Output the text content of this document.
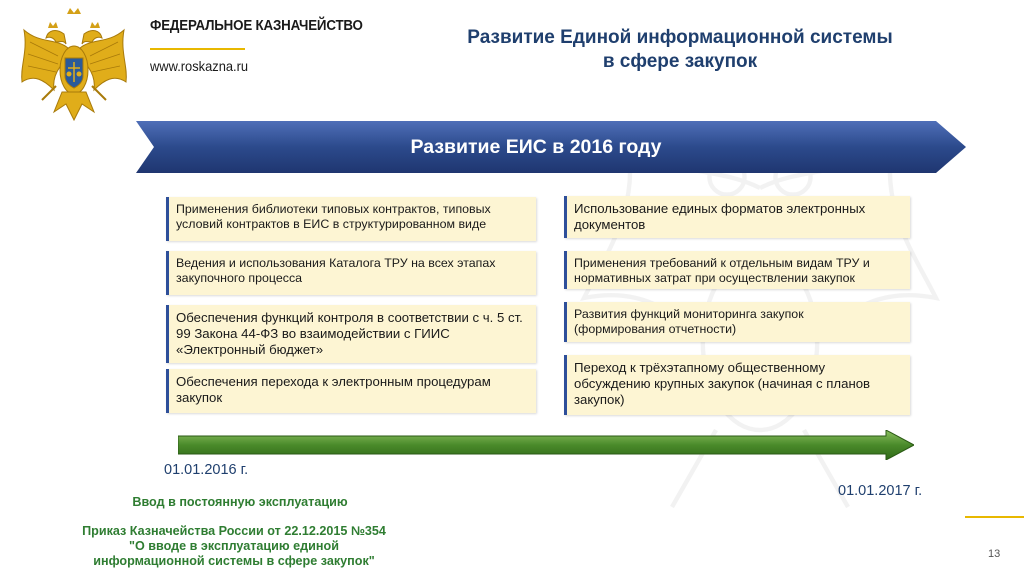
ФЕДЕРАЛЬНОЕ КАЗНАЧЕЙСТВО
www.roskazna.ru
Развитие Единой информационной системы
в сфере закупок
Развитие ЕИС в 2016 году
Применения библиотеки типовых контрактов, типовых
условий контрактов в ЕИС в структурированном виде
Ведения и использования Каталога ТРУ на всех этапах
закупочного процесса
Обеспечения функций контроля в соответствии с ч. 5 ст.
99 Закона 44-ФЗ во взаимодействии с ГИИС
«Электронный бюджет»
Обеспечения перехода к электронным процедурам
закупок
Использование единых форматов электронных
документов
Применения требований к отдельным видам ТРУ и
нормативных затрат при осуществлении закупок
Развития функций мониторинга закупок
(формирования отчетности)
Переход к трёхэтапному общественному
обсуждению крупных закупок (начиная с планов
закупок)
01.01.2016 г.
01.01.2017 г.
Ввод в постоянную эксплуатацию
Приказ Казначейства России от 22.12.2015 №354
"О вводе в эксплуатацию единой
информационной системы в сфере закупок"	13
